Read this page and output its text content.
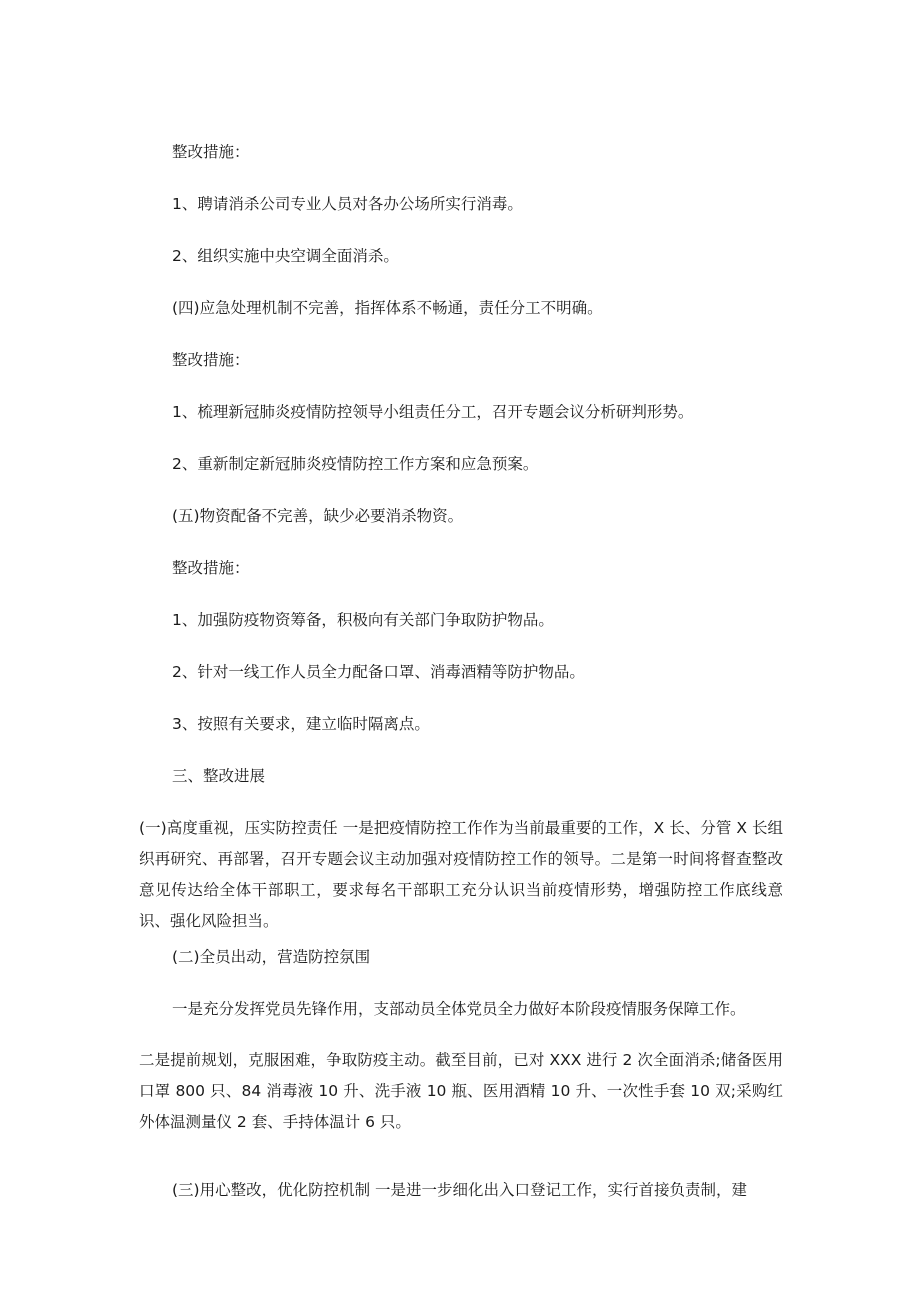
整改措施：

1、聘请消杀公司专业人员对各办公场所实行消毒。

2、组织实施中央空调全面消杀。

(四)应急处理机制不完善，指挥体系不畅通，责任分工不明确。

整改措施：

1、梳理新冠肺炎疫情防控领导小组责任分工，召开专题会议分析研判形势。

2、重新制定新冠肺炎疫情防控工作方案和应急预案。

(五)物资配备不完善，缺少必要消杀物资。

整改措施：

1、加强防疫物资筹备，积极向有关部门争取防护物品。

2、针对一线工作人员全力配备口罩、消毒酒精等防护物品。

3、按照有关要求，建立临时隔离点。

三、整改进展

(一)高度重视，压实防控责任 一是把疫情防控工作作为当前最重要的工作，X 长、分管 X 长组织再研究、再部署，召开专题会议主动加强对疫情防控工作的领导。二是第一时间将督查整改意见传达给全体干部职工，要求每名干部职工充分认识当前疫情形势，增强防控工作底线意识、强化风险担当。

(二)全员出动，营造防控氛围

一是充分发挥党员先锋作用，支部动员全体党员全力做好本阶段疫情服务保障工作。

二是提前规划，克服困难，争取防疫主动。截至目前，已对 XXX 进行 2 次全面消杀;储备医用口罩 800 只、84 消毒液 10 升、洗手液 10 瓶、医用酒精 10 升、一次性手套 10 双;采购红外体温测量仪 2 套、手持体温计 6 只。

(三)用心整改，优化防控机制 一是进一步细化出入口登记工作，实行首接负责制，建
